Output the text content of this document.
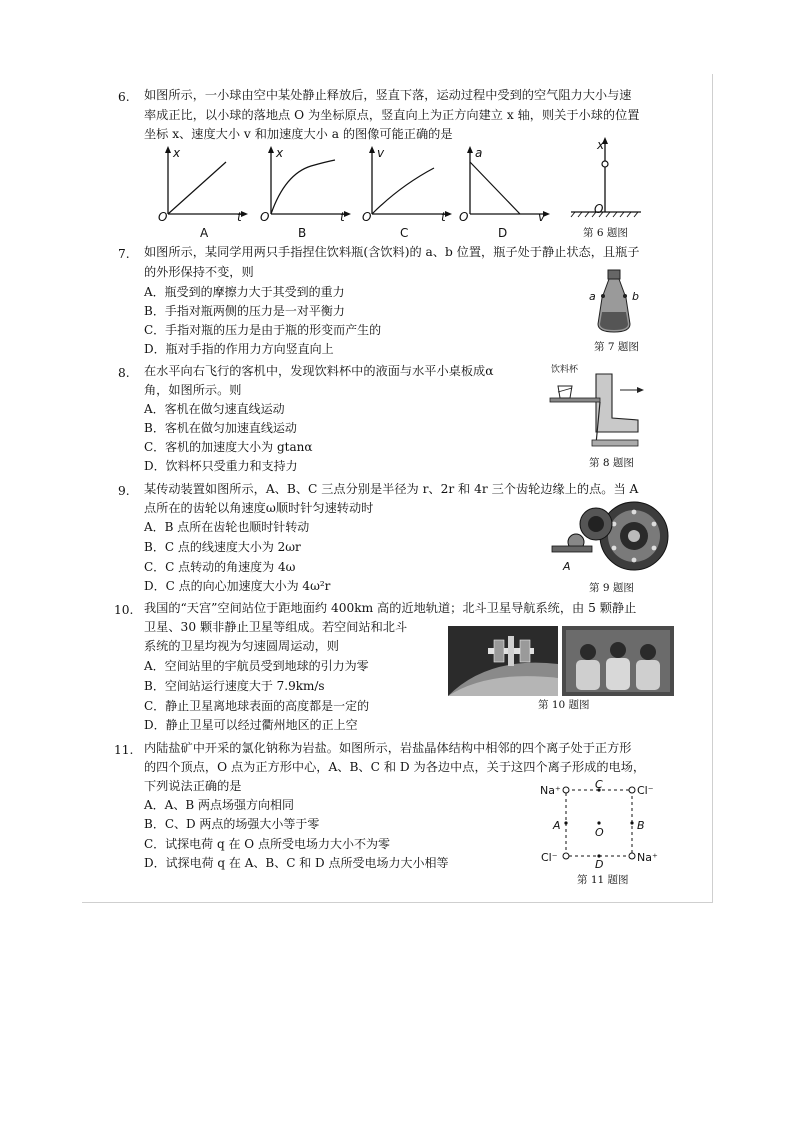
6. 如图所示，一小球由空中某处静止释放后，竖直下落，运动过程中受到的空气阻力大小与速
率成正比，以小球的落地点 O 为坐标原点，竖直向上为正方向建立 x 轴，则关于小球的位置
坐标 x、速度大小 v 和加速度大小 a 的图像可能正确的是
x
O	t
A
x
O	t
B
v
O	t
C
a
O	v
D
x
O
第 6 题图
7. 如图所示，某同学用两只手指捏住饮料瓶(含饮料)的 a、b 位置，瓶子处于静止状态，且瓶子
的外形保持不变，则
A．瓶受到的摩擦力大于其受到的重力
B．手指对瓶两侧的压力是一对平衡力
C．手指对瓶的压力是由于瓶的形变而产生的
D．瓶对手指的作用力方向竖直向上
a	b
第 7 题图
8. 在水平向右飞行的客机中，发现饮料杯中的液面与水平小桌板成α
角，如图所示。则
A．客机在做匀速直线运动
B．客机在做匀加速直线运动
C．客机的加速度大小为 gtanα
D．饮料杯只受重力和支持力
饮料杯
第 8 题图
9. 某传动装置如图所示，A、B、C 三点分别是半径为 r、2r 和 4r 三个齿轮边缘上的点。当 A
点所在的齿轮以角速度ω顺时针匀速转动时
A．B 点所在齿轮也顺时针转动
B．C 点的线速度大小为 2ωr
C．C 点转动的角速度为 4ω
D．C 点的向心加速度大小为 4ω²r
A
第 9 题图
10. 我国的“天宫”空间站位于距地面约 400km 高的近地轨道；北斗卫星导航系统，由 5 颗静止
卫星、30 颗非静止卫星等组成。若空间站和北斗
系统的卫星均视为匀速圆周运动，则
A．空间站里的宇航员受到地球的引力为零
B．空间站运行速度大于 7.9km/s
C．静止卫星离地球表面的高度都是一定的
D．静止卫星可以经过衢州地区的正上空
第 10 题图
11. 内陆盐矿中开采的氯化钠称为岩盐。如图所示，岩盐晶体结构中相邻的四个离子处于正方形
的四个顶点，O 点为正方形中心，A、B、C 和 D 为各边中点，关于这四个离子形成的电场，
下列说法正确的是
A．A、B 两点场强方向相同
B．C、D 两点的场强大小等于零
C．试探电荷 q 在 O 点所受电场力大小不为零
D．试探电荷 q 在 A、B、C 和 D 点所受电场力大小相等
Na⁺	Cl⁻
Cl⁻	Na⁺
C
D
A	B
O
第 11 题图
